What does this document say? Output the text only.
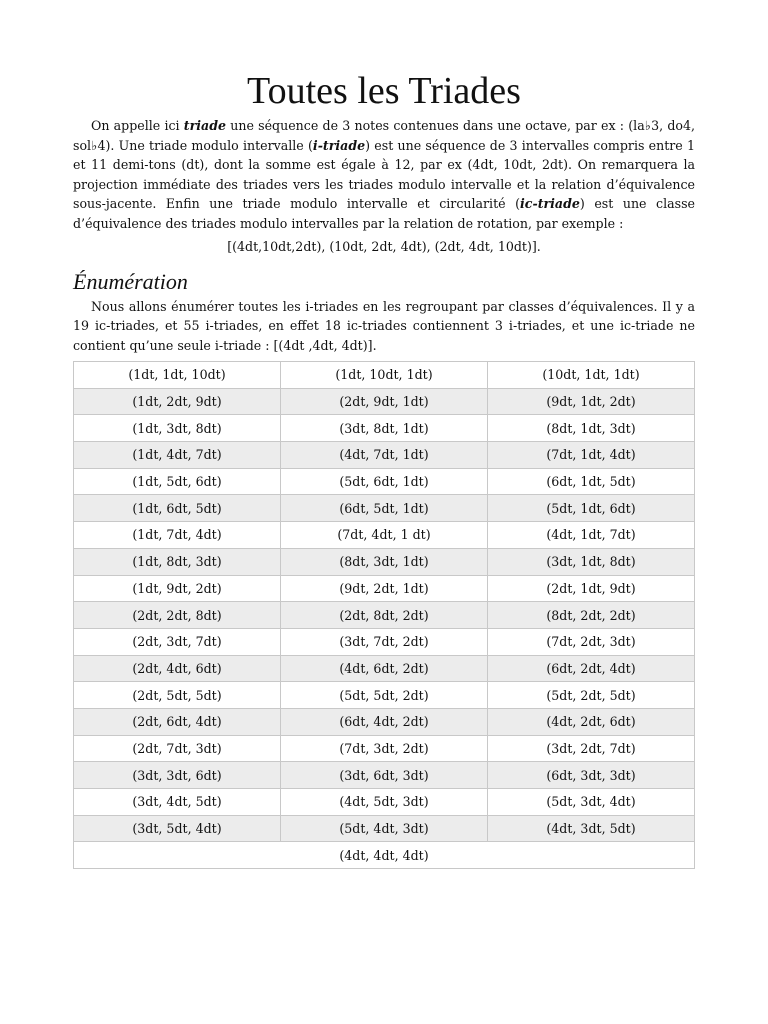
Toutes les Triades

On appelle ici triade une séquence de 3 notes contenues dans une octave, par ex : (la♭3, do4, sol♭4). Une triade modulo intervalle (i-triade) est une séquence de 3 intervalles compris entre 1 et 11 demi-tons (dt), dont la somme est égale à 12, par ex (4dt, 10dt, 2dt). On remarquera la projection immédiate des triades vers les triades modulo intervalle et la relation d’équivalence sous-jacente. Enfin une triade modulo intervalle et circularité (ic-triade) est une classe d’équivalence des triades modulo intervalles par la relation de rotation, par exemple :

[(4dt,10dt,2dt), (10dt, 2dt, 4dt), (2dt, 4dt, 10dt)].
Énumération

Nous allons énumérer toutes les i-triades en les regroupant par classes d’équivalences. Il y a 19 ic-triades, et 55 i-triades, en effet 18 ic-triades contiennent 3 i-triades, et une ic-triade ne contient qu’une seule i-triade : [(4dt ,4dt, 4dt)].

(1dt, 1dt, 10dt)	(1dt, 10dt, 1dt)	(10dt, 1dt, 1dt)
(1dt, 2dt, 9dt)	(2dt, 9dt, 1dt)	(9dt, 1dt, 2dt)
(1dt, 3dt, 8dt)	(3dt, 8dt, 1dt)	(8dt, 1dt, 3dt)
(1dt, 4dt, 7dt)	(4dt, 7dt, 1dt)	(7dt, 1dt, 4dt)
(1dt, 5dt, 6dt)	(5dt, 6dt, 1dt)	(6dt, 1dt, 5dt)
(1dt, 6dt, 5dt)	(6dt, 5dt, 1dt)	(5dt, 1dt, 6dt)
(1dt, 7dt, 4dt)	(7dt, 4dt, 1 dt)	(4dt, 1dt, 7dt)
(1dt, 8dt, 3dt)	(8dt, 3dt, 1dt)	(3dt, 1dt, 8dt)
(1dt, 9dt, 2dt)	(9dt, 2dt, 1dt)	(2dt, 1dt, 9dt)
(2dt, 2dt, 8dt)	(2dt, 8dt, 2dt)	(8dt, 2dt, 2dt)
(2dt, 3dt, 7dt)	(3dt, 7dt, 2dt)	(7dt, 2dt, 3dt)
(2dt, 4dt, 6dt)	(4dt, 6dt, 2dt)	(6dt, 2dt, 4dt)
(2dt, 5dt, 5dt)	(5dt, 5dt, 2dt)	(5dt, 2dt, 5dt)
(2dt, 6dt, 4dt)	(6dt, 4dt, 2dt)	(4dt, 2dt, 6dt)
(2dt, 7dt, 3dt)	(7dt, 3dt, 2dt)	(3dt, 2dt, 7dt)
(3dt, 3dt, 6dt)	(3dt, 6dt, 3dt)	(6dt, 3dt, 3dt)
(3dt, 4dt, 5dt)	(4dt, 5dt, 3dt)	(5dt, 3dt, 4dt)
(3dt, 5dt, 4dt)	(5dt, 4dt, 3dt)	(4dt, 3dt, 5dt)
(4dt, 4dt, 4dt)		
